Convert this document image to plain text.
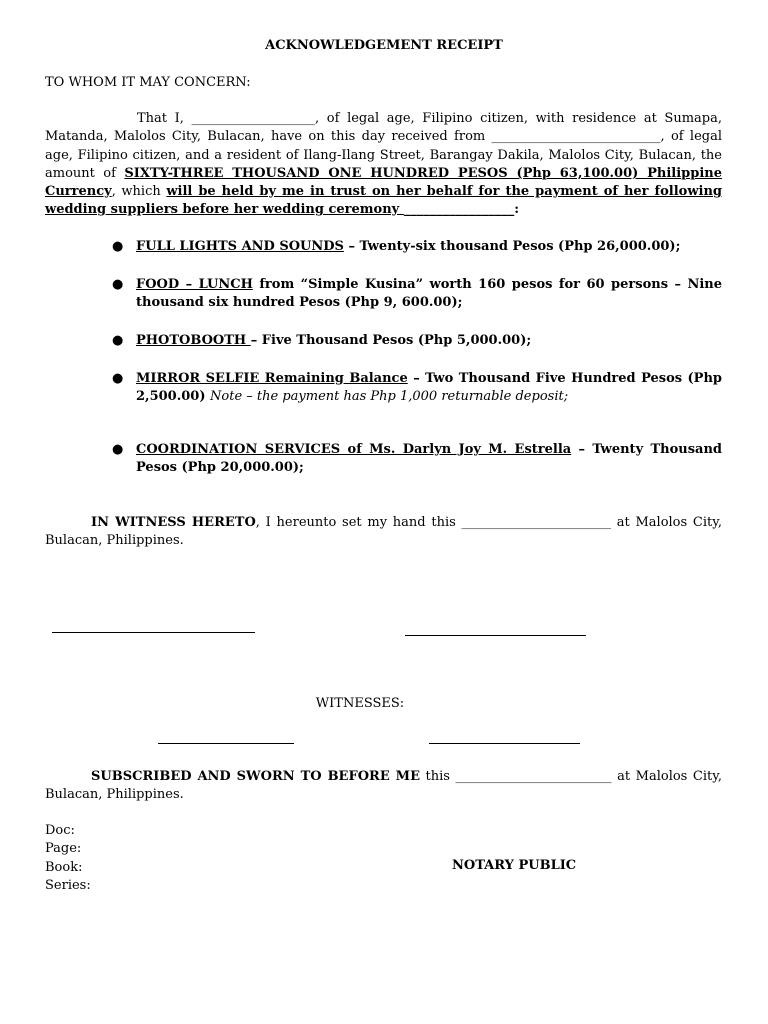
ACKNOWLEDGEMENT RECEIPT
TO WHOM IT MAY CONCERN:
That I, ___________________, of legal age, Filipino citizen, with residence at Sumapa, Matanda, Malolos City, Bulacan, have on this day received from __________________________, of legal age, Filipino citizen, and a resident of Ilang-Ilang Street, Barangay Dakila, Malolos City, Bulacan, the amount of SIXTY-THREE THOUSAND ONE HUNDRED PESOS (Php 63,100.00) Philippine Currency, which will be held by me in trust on her behalf for the payment of her following wedding suppliers before her wedding ceremony _________________:
● FULL LIGHTS AND SOUNDS – Twenty-six thousand Pesos (Php 26,000.00);
● FOOD – LUNCH from “Simple Kusina” worth 160 pesos for 60 persons – Nine thousand six hundred Pesos (Php 9, 600.00);
● PHOTOBOOTH – Five Thousand Pesos (Php 5,000.00);
● MIRROR SELFIE Remaining Balance – Two Thousand Five Hundred Pesos (Php 2,500.00) Note – the payment has Php 1,000 returnable deposit;
● COORDINATION SERVICES of Ms. Darlyn Joy M. Estrella – Twenty Thousand Pesos (Php 20,000.00);
IN WITNESS HERETO, I hereunto set my hand this _______________________ at Malolos City, Bulacan, Philippines.
WITNESSES:
SUBSCRIBED AND SWORN TO BEFORE ME this ________________________ at Malolos City, Bulacan, Philippines.
Doc:
Page:
Book:
Series:
NOTARY PUBLIC
